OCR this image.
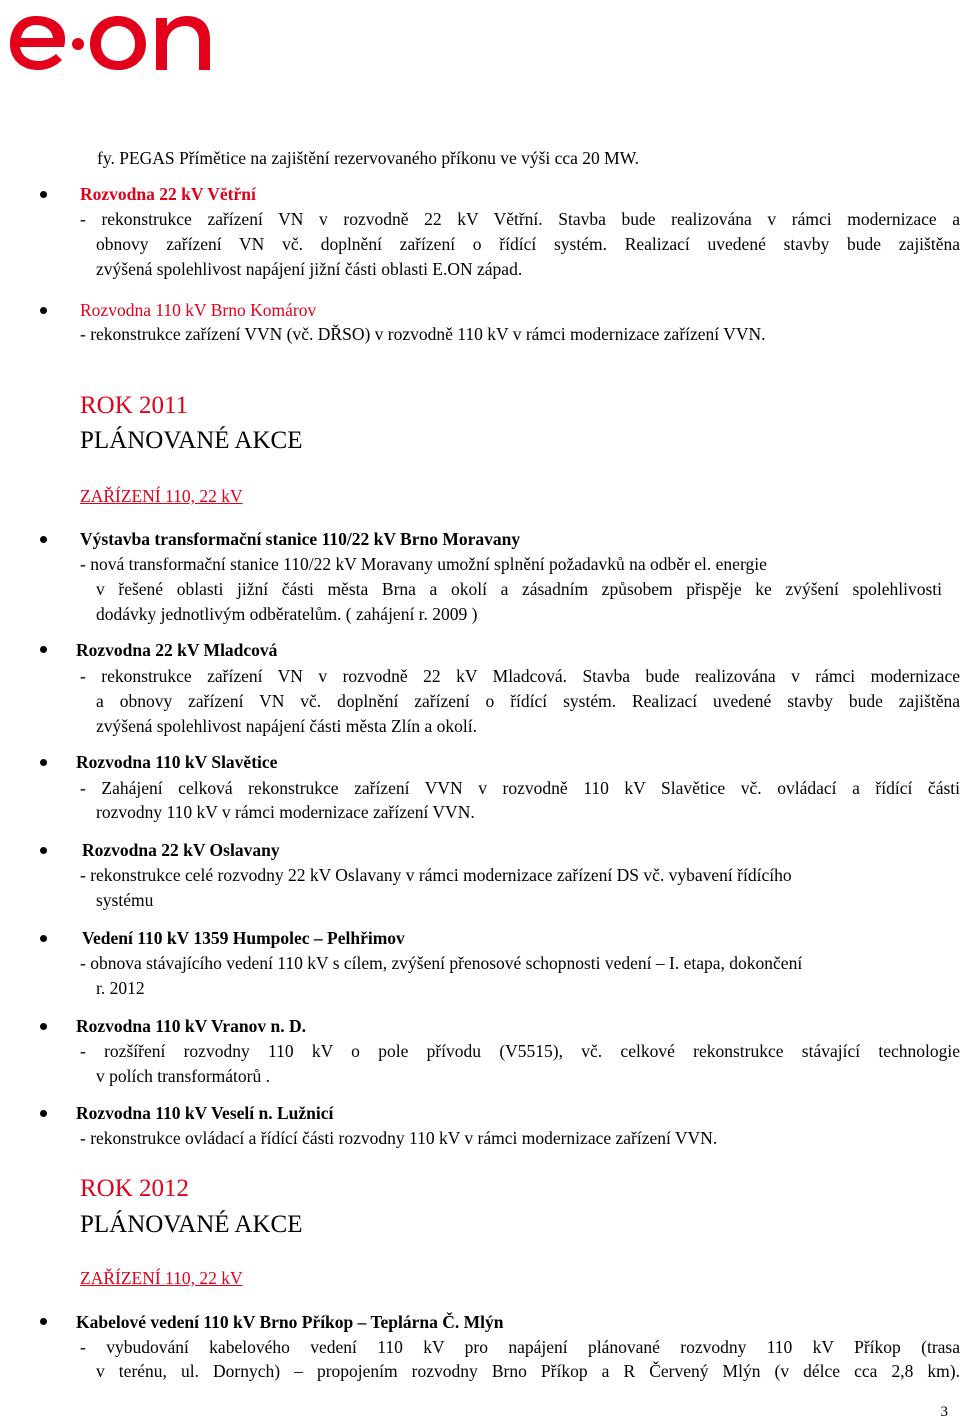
fy. PEGAS Přímětice na zajištění rezervovaného příkonu ve výši cca 20 MW.
Rozvodna 22 kV Větřní
- rekonstrukce zařízení VN v rozvodně 22 kV Větřní. Stavba bude realizována v rámci modernizace a
obnovy zařízení VN vč. doplnění zařízení o řídící systém. Realizací uvedené stavby bude zajištěna
zvýšená spolehlivost napájení jižní části oblasti E.ON západ.
Rozvodna 110 kV Brno Komárov
- rekonstrukce zařízení VVN (vč. DŘSO) v rozvodně 110 kV v rámci modernizace zařízení VVN.
ROK 2011
PLÁNOVANÉ AKCE
ZAŘÍZENÍ 110, 22 kV
Výstavba transformační stanice 110/22 kV Brno Moravany
- nová transformační stanice 110/22 kV Moravany umožní splnění požadavků na odběr el. energie
v řešené oblasti jižní části města Brna a okolí a zásadním způsobem přispěje ke zvýšení spolehlivosti
dodávky jednotlivým odběratelům. ( zahájení r. 2009 )
Rozvodna 22 kV Mladcová
- rekonstrukce zařízení VN v rozvodně 22 kV Mladcová. Stavba bude realizována v rámci modernizace
a obnovy zařízení VN vč. doplnění zařízení o řídící systém. Realizací uvedené stavby bude zajištěna
zvýšená spolehlivost napájení části města Zlín a okolí.
Rozvodna 110 kV Slavětice
- Zahájení celková rekonstrukce zařízení VVN v rozvodně 110 kV Slavětice vč. ovládací a řídící části
rozvodny 110 kV v rámci modernizace zařízení VVN.
Rozvodna 22 kV Oslavany
- rekonstrukce celé rozvodny 22 kV Oslavany v rámci modernizace zařízení DS vč. vybavení řídícího
systému
Vedení 110 kV 1359 Humpolec – Pelhřimov
- obnova stávajícího vedení 110 kV s cílem, zvýšení přenosové schopnosti vedení – I. etapa, dokončení
r. 2012
Rozvodna 110 kV Vranov n. D.
- rozšíření rozvodny 110 kV o pole přívodu (V5515), vč. celkové rekonstrukce stávající technologie
v polích transformátorů .
Rozvodna 110 kV Veselí n. Lužnicí
- rekonstrukce ovládací a řídící části rozvodny 110 kV v rámci modernizace zařízení VVN.
ROK 2012
PLÁNOVANÉ AKCE
ZAŘÍZENÍ 110, 22 kV
Kabelové vedení 110 kV Brno Příkop – Teplárna Č. Mlýn
- vybudování kabelového vedení 110 kV pro napájení plánované rozvodny 110 kV Příkop (trasa
v terénu, ul. Dornych) – propojením rozvodny Brno Příkop a R Červený Mlýn (v délce cca 2,8 km).
3
